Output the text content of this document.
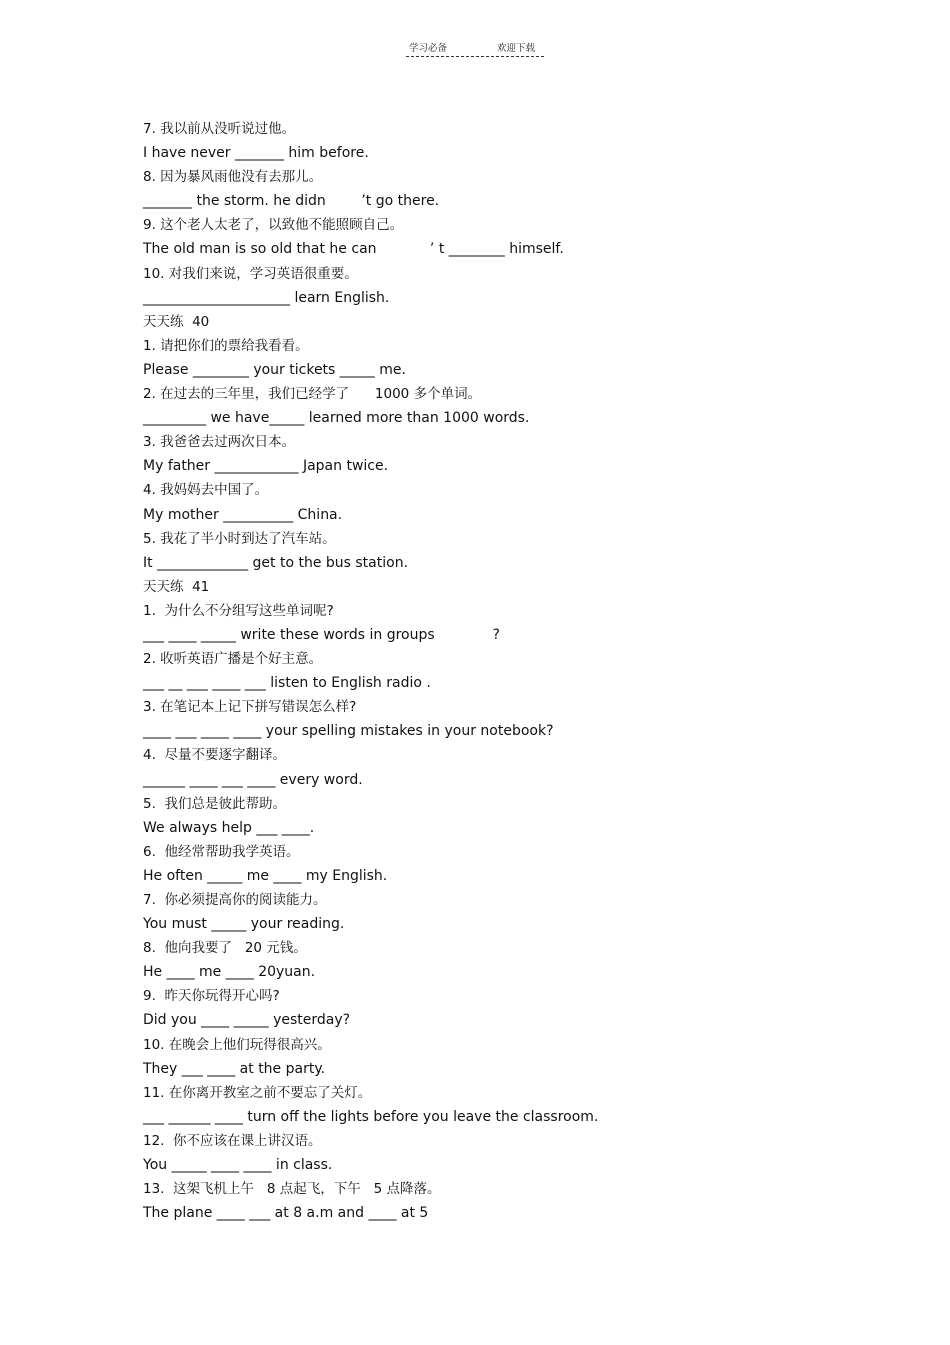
学习必备	欢迎下载
7. 我以前从没听说过他。
I have never _______ him before.
8. 因为暴风雨他没有去那儿。
_______ the storm. he didn        ’t go there.
9. 这个老人太老了，以致他不能照顾自己。
The old man is so old that he can            ’ t ________ himself.
10. 对我们来说，学习英语很重要。
_____________________ learn English.
天天练  40
1. 请把你们的票给我看看。
Please ________ your tickets _____ me.
2. 在过去的三年里，我们已经学了      1000 多个单词。
_________ we have_____ learned more than 1000 words.
3. 我爸爸去过两次日本。
My father ____________ Japan twice.
4. 我妈妈去中国了。
My mother __________ China.
5. 我花了半小时到达了汽车站。
It _____________ get to the bus station.
天天练  41
1.  为什么不分组写这些单词呢?
___ ____ _____ write these words in groups             ?
2. 收听英语广播是个好主意。
___ __ ___ ____ ___ listen to English radio .
3. 在笔记本上记下拼写错误怎么样?
____ ___ ____ ____ your spelling mistakes in your notebook?
4.  尽量不要逐字翻译。
______ ____ ___ ____ every word.
5.  我们总是彼此帮助。
We always help ___ ____.
6.  他经常帮助我学英语。
He often _____ me ____ my English.
7.  你必须提高你的阅读能力。
You must _____ your reading.
8.  他向我要了   20 元钱。
He ____ me ____ 20yuan.
9.  昨天你玩得开心吗?
Did you ____ _____ yesterday?
10. 在晚会上他们玩得很高兴。
They ___ ____ at the party.
11. 在你离开教室之前不要忘了关灯。
___ ______ ____ turn off the lights before you leave the classroom.
12.  你不应该在课上讲汉语。
You _____ ____ ____ in class.
13.  这架飞机上午   8 点起飞，下午   5 点降落。
The plane ____ ___ at 8 a.m and ____ at 5
